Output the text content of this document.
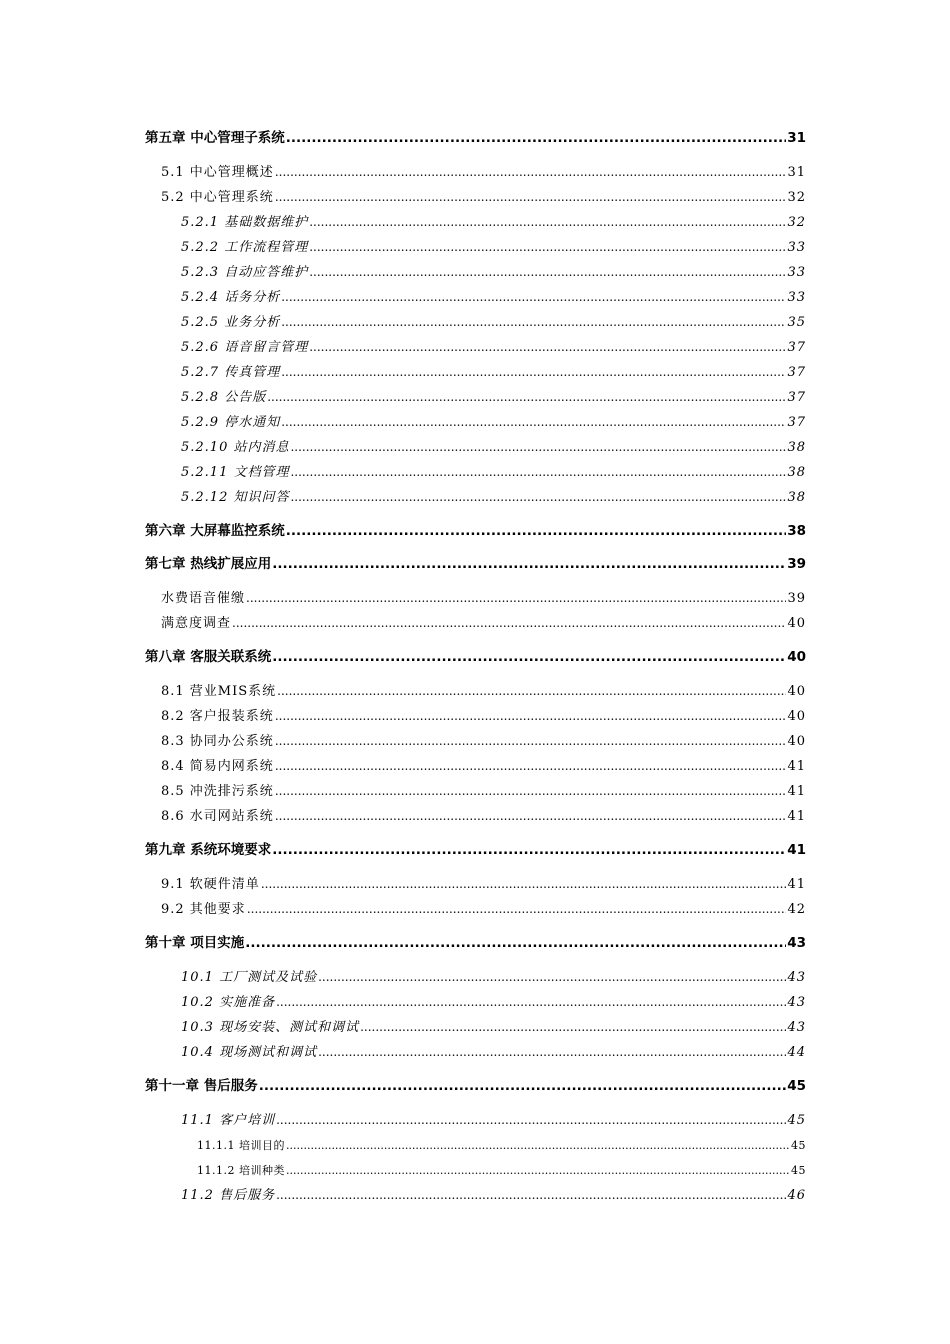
第五章 中心管理子系统 .....	31
5.1 中心管理概述 .....	31
5.2 中心管理系统 .....	32
5.2.1 基础数据维护 .....	32
5.2.2 工作流程管理 .....	33
5.2.3 自动应答维护 .....	33
5.2.4 话务分析 .....	33
5.2.5 业务分析 .....	35
5.2.6 语音留言管理 .....	37
5.2.7 传真管理 .....	37
5.2.8 公告版 .....	37
5.2.9 停水通知 .....	37
5.2.10 站内消息 .....	38
5.2.11 文档管理 .....	38
5.2.12 知识问答 .....	38
第六章 大屏幕监控系统 .....	38
第七章 热线扩展应用 .....	39
水费语音催缴 .....	39
满意度调查 .....	40
第八章 客服关联系统 .....	40
8.1 营业MIS系统 .....	40
8.2 客户报装系统 .....	40
8.3 协同办公系统 .....	40
8.4 简易内网系统 .....	41
8.5 冲洗排污系统 .....	41
8.6 水司网站系统 .....	41
第九章 系统环境要求 .....	41
9.1 软硬件清单 .....	41
9.2 其他要求 .....	42
第十章 项目实施 .....	43
10.1 工厂测试及试验 .....	43
10.2 实施准备 .....	43
10.3 现场安装、测试和调试 .....	43
10.4 现场测试和调试 .....	44
第十一章 售后服务 .....	45
11.1 客户培训 .....	45
11.1.1 培训目的 .....	45
11.1.2 培训种类 .....	45
11.2 售后服务 .....	46
